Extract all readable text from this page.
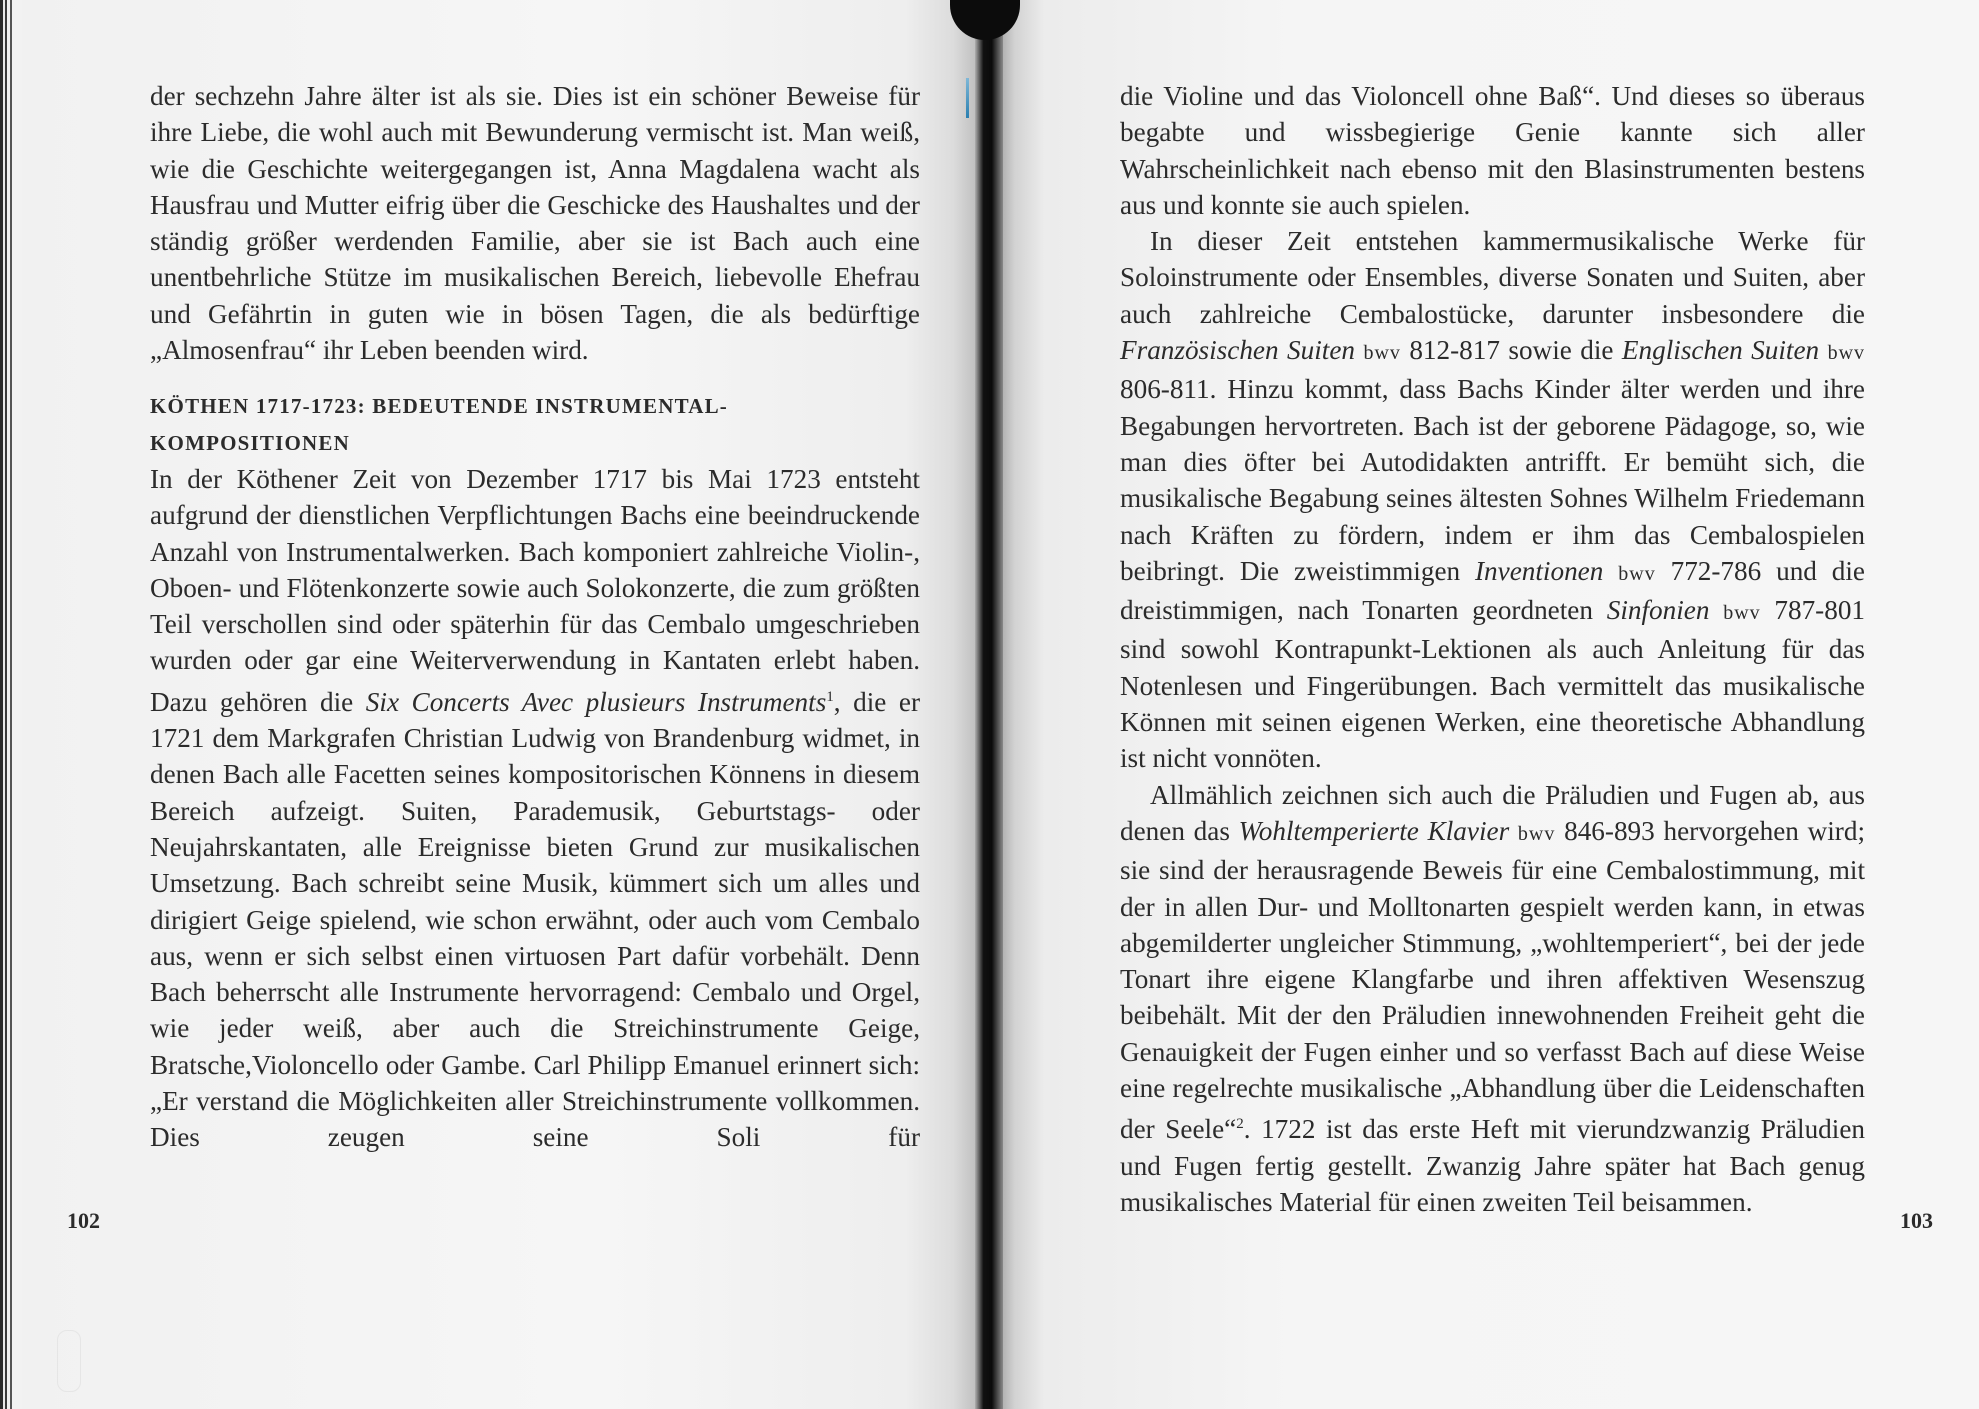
der sechzehn Jahre älter ist als sie. Dies ist ein schöner Beweise für ihre Liebe, die wohl auch mit Bewunderung vermischt ist. Man weiß, wie die Geschichte weitergegangen ist, Anna Magdalena wacht als Hausfrau und Mutter eifrig über die Geschicke des Haushaltes und der ständig größer werdenden Familie, aber sie ist Bach auch eine unentbehrliche Stütze im musikalischen Bereich, liebevolle Ehefrau und Gefährtin in guten wie in bösen Tagen, die als bedürftige „Almosenfrau“ ihr Leben beenden wird.

KÖTHEN 1717-1723: BEDEUTENDE INSTRUMENTAL-KOMPOSITIONEN

In der Köthener Zeit von Dezember 1717 bis Mai 1723 entsteht aufgrund der dienstlichen Verpflichtungen Bachs eine beeindruckende Anzahl von Instrumentalwerken. Bach komponiert zahlreiche Violin-, Oboen- und Flötenkonzerte sowie auch Solokonzerte, die zum größten Teil verschollen sind oder späterhin für das Cembalo umgeschrieben wurden oder gar eine Weiterverwendung in Kantaten erlebt haben. Dazu gehören die Six Concerts Avec plusieurs Instruments$^1$, die er 1721 dem Markgrafen Christian Ludwig von Brandenburg widmet, in denen Bach alle Facetten seines kompositorischen Könnens in diesem Bereich aufzeigt. Suiten, Parademusik, Geburtstags- oder Neujahrskantaten, alle Ereignisse bieten Grund zur musikalischen Umsetzung. Bach schreibt seine Musik, kümmert sich um alles und dirigiert Geige spielend, wie schon erwähnt, oder auch vom Cembalo aus, wenn er sich selbst einen virtuosen Part dafür vorbehält. Denn Bach beherrscht alle Instrumente hervorragend: Cembalo und Orgel, wie jeder weiß, aber auch die Streichinstrumente Geige, Bratsche,Violoncello oder Gambe. Carl Philipp Emanuel erinnert sich: „Er verstand die Möglichkeiten aller Streichinstrumente vollkommen. Dies zeugen seine Soli für

102

die Violine und das Violoncell ohne Baß“. Und dieses so überaus begabte und wissbegierige Genie kannte sich aller Wahrscheinlichkeit nach ebenso mit den Blasinstrumenten bestens aus und konnte sie auch spielen.

In dieser Zeit entstehen kammermusikalische Werke für Soloinstrumente oder Ensembles, diverse Sonaten und Suiten, aber auch zahlreiche Cembalostücke, darunter insbesondere die Französischen Suiten bwv 812-817 sowie die Englischen Suiten bwv 806-811. Hinzu kommt, dass Bachs Kinder älter werden und ihre Begabungen hervortreten. Bach ist der geborene Pädagoge, so, wie man dies öfter bei Autodidakten antrifft. Er bemüht sich, die musikalische Begabung seines ältesten Sohnes Wilhelm Friedemann nach Kräften zu fördern, indem er ihm das Cembalospielen beibringt. Die zweistimmigen Inventionen bwv 772-786 und die dreistimmigen, nach Tonarten geordneten Sinfonien bwv 787-801 sind sowohl Kontrapunkt-Lektionen als auch Anleitung für das Notenlesen und Fingerübungen. Bach vermittelt das musikalische Können mit seinen eigenen Werken, eine theoretische Abhandlung ist nicht vonnöten.

Allmählich zeichnen sich auch die Präludien und Fugen ab, aus denen das Wohltemperierte Klavier bwv 846-893 hervorgehen wird; sie sind der herausragende Beweis für eine Cembalostimmung, mit der in allen Dur- und Molltonarten gespielt werden kann, in etwas abgemilderter ungleicher Stimmung, „wohltemperiert“, bei der jede Tonart ihre eigene Klangfarbe und ihren affektiven Wesenszug beibehält. Mit der den Präludien innewohnenden Freiheit geht die Genauigkeit der Fugen einher und so verfasst Bach auf diese Weise eine regelrechte musikalische „Abhandlung über die Leidenschaften der Seele“$^2$. 1722 ist das erste Heft mit vierundzwanzig Präludien und Fugen fertig gestellt. Zwanzig Jahre später hat Bach genug musikalisches Material für einen zweiten Teil beisammen.

103
